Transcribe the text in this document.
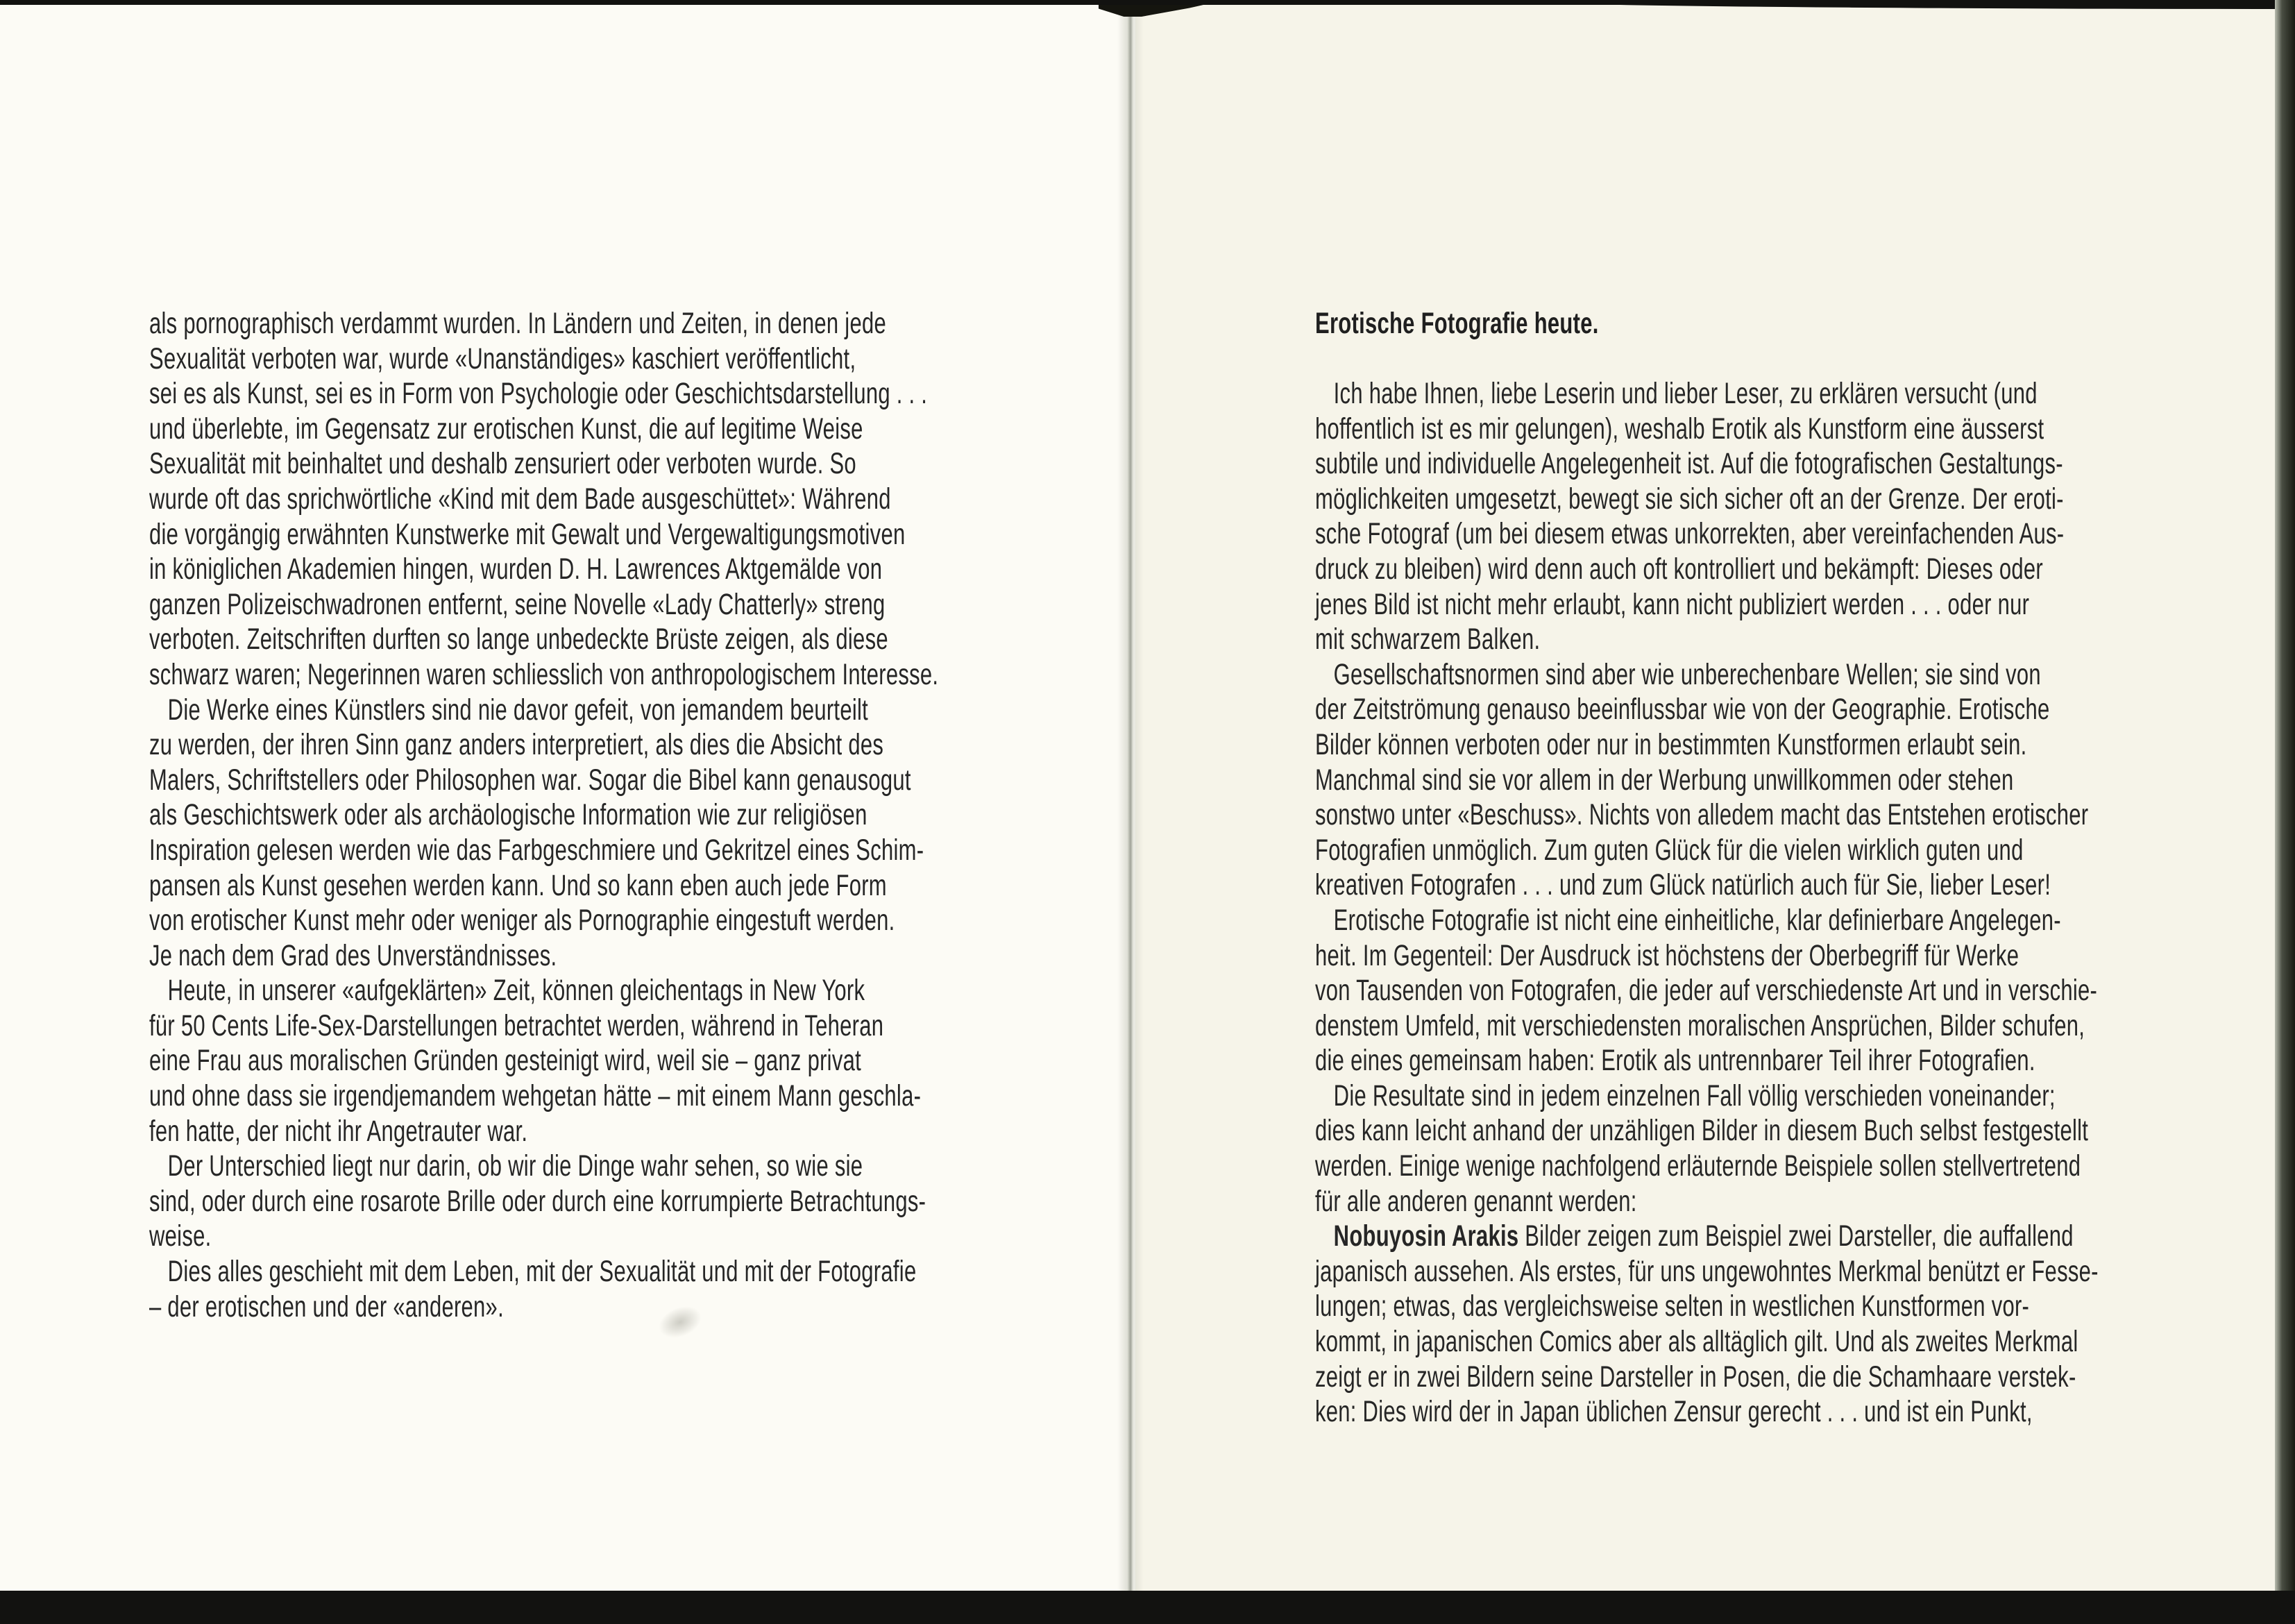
als pornographisch verdammt wurden. In Ländern und Zeiten, in denen jede
Sexualität verboten war, wurde «Unanständiges» kaschiert veröffentlicht,
sei es als Kunst, sei es in Form von Psychologie oder Geschichtsdarstellung . . .
und überlebte, im Gegensatz zur erotischen Kunst, die auf legitime Weise
Sexualität mit beinhaltet und deshalb zensuriert oder verboten wurde. So
wurde oft das sprichwörtliche «Kind mit dem Bade ausgeschüttet»: Während
die vorgängig erwähnten Kunstwerke mit Gewalt und Vergewaltigungsmotiven
in königlichen Akademien hingen, wurden D. H. Lawrences Aktgemälde von
ganzen Polizeischwadronen entfernt, seine Novelle «Lady Chatterly» streng
verboten. Zeitschriften durften so lange unbedeckte Brüste zeigen, als diese
schwarz waren; Negerinnen waren schliesslich von anthropologischem Interesse.
Die Werke eines Künstlers sind nie davor gefeit, von jemandem beurteilt
zu werden, der ihren Sinn ganz anders interpretiert, als dies die Absicht des
Malers, Schriftstellers oder Philosophen war. Sogar die Bibel kann genausogut
als Geschichtswerk oder als archäologische Information wie zur religiösen
Inspiration gelesen werden wie das Farbgeschmiere und Gekritzel eines Schim-
pansen als Kunst gesehen werden kann. Und so kann eben auch jede Form
von erotischer Kunst mehr oder weniger als Pornographie eingestuft werden.
Je nach dem Grad des Unverständnisses.
Heute, in unserer «aufgeklärten» Zeit, können gleichentags in New York
für 50 Cents Life-Sex-Darstellungen betrachtet werden, während in Teheran
eine Frau aus moralischen Gründen gesteinigt wird, weil sie – ganz privat
und ohne dass sie irgendjemandem wehgetan hätte – mit einem Mann geschla-
fen hatte, der nicht ihr Angetrauter war.
Der Unterschied liegt nur darin, ob wir die Dinge wahr sehen, so wie sie
sind, oder durch eine rosarote Brille oder durch eine korrumpierte Betrachtungs-
weise.
Dies alles geschieht mit dem Leben, mit der Sexualität und mit der Fotografie
– der erotischen und der «anderen».
Erotische Fotografie heute.
Ich habe Ihnen, liebe Leserin und lieber Leser, zu erklären versucht (und
hoffentlich ist es mir gelungen), weshalb Erotik als Kunstform eine äusserst
subtile und individuelle Angelegenheit ist. Auf die fotografischen Gestaltungs-
möglichkeiten umgesetzt, bewegt sie sich sicher oft an der Grenze. Der eroti-
sche Fotograf (um bei diesem etwas unkorrekten, aber vereinfachenden Aus-
druck zu bleiben) wird denn auch oft kontrolliert und bekämpft: Dieses oder
jenes Bild ist nicht mehr erlaubt, kann nicht publiziert werden . . . oder nur
mit schwarzem Balken.
Gesellschaftsnormen sind aber wie unberechenbare Wellen; sie sind von
der Zeitströmung genauso beeinflussbar wie von der Geographie. Erotische
Bilder können verboten oder nur in bestimmten Kunstformen erlaubt sein.
Manchmal sind sie vor allem in der Werbung unwillkommen oder stehen
sonstwo unter «Beschuss». Nichts von alledem macht das Entstehen erotischer
Fotografien unmöglich. Zum guten Glück für die vielen wirklich guten und
kreativen Fotografen . . . und zum Glück natürlich auch für Sie, lieber Leser!
Erotische Fotografie ist nicht eine einheitliche, klar definierbare Angelegen-
heit. Im Gegenteil: Der Ausdruck ist höchstens der Oberbegriff für Werke
von Tausenden von Fotografen, die jeder auf verschiedenste Art und in verschie-
denstem Umfeld, mit verschiedensten moralischen Ansprüchen, Bilder schufen,
die eines gemeinsam haben: Erotik als untrennbarer Teil ihrer Fotografien.
Die Resultate sind in jedem einzelnen Fall völlig verschieden voneinander;
dies kann leicht anhand der unzähligen Bilder in diesem Buch selbst festgestellt
werden. Einige wenige nachfolgend erläuternde Beispiele sollen stellvertretend
für alle anderen genannt werden:
Nobuyosin Arakis Bilder zeigen zum Beispiel zwei Darsteller, die auffallend
japanisch aussehen. Als erstes, für uns ungewohntes Merkmal benützt er Fesse-
lungen; etwas, das vergleichsweise selten in westlichen Kunstformen vor-
kommt, in japanischen Comics aber als alltäglich gilt. Und als zweites Merkmal
zeigt er in zwei Bildern seine Darsteller in Posen, die die Schamhaare verstek-
ken: Dies wird der in Japan üblichen Zensur gerecht . . . und ist ein Punkt,
